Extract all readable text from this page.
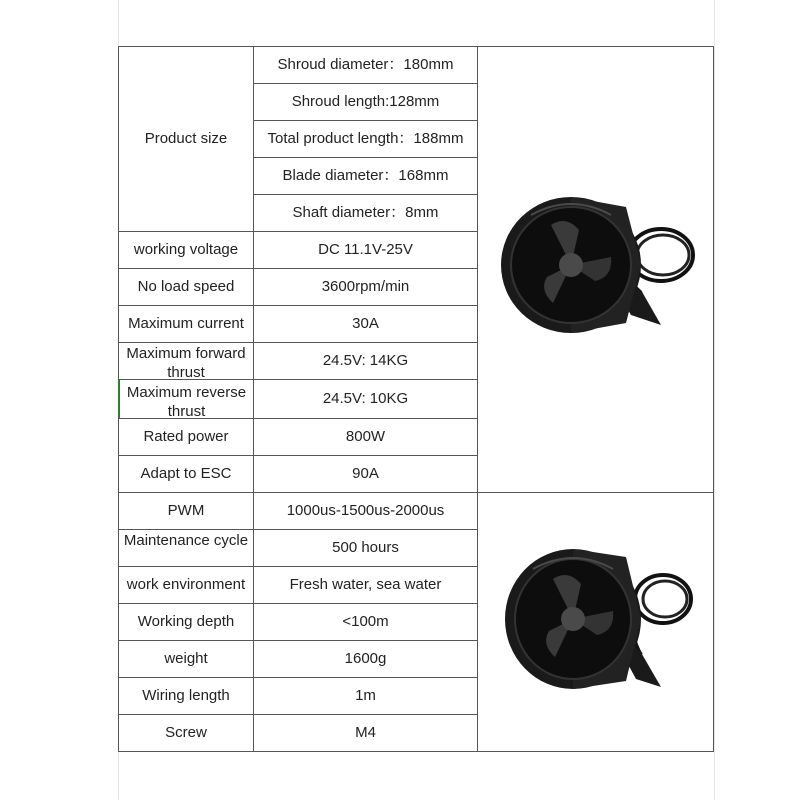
Product size
working voltage
No load speed
Maximum current
Maximum forward thrust
Maximum reverse thrust
Rated power
Adapt to ESC
PWM
Maintenance cycle
work environment
Working depth
weight
Wiring length
Screw
Shroud diameter：180mm
Shroud length:128mm
Total product length：188mm
Blade diameter：168mm
Shaft diameter：8mm
DC 11.1V-25V
3600rpm/min
30A
24.5V: 14KG
24.5V: 10KG
800W
90A
1000us-1500us-2000us
500 hours
Fresh water, sea water
<100m
1600g
1m
M4
